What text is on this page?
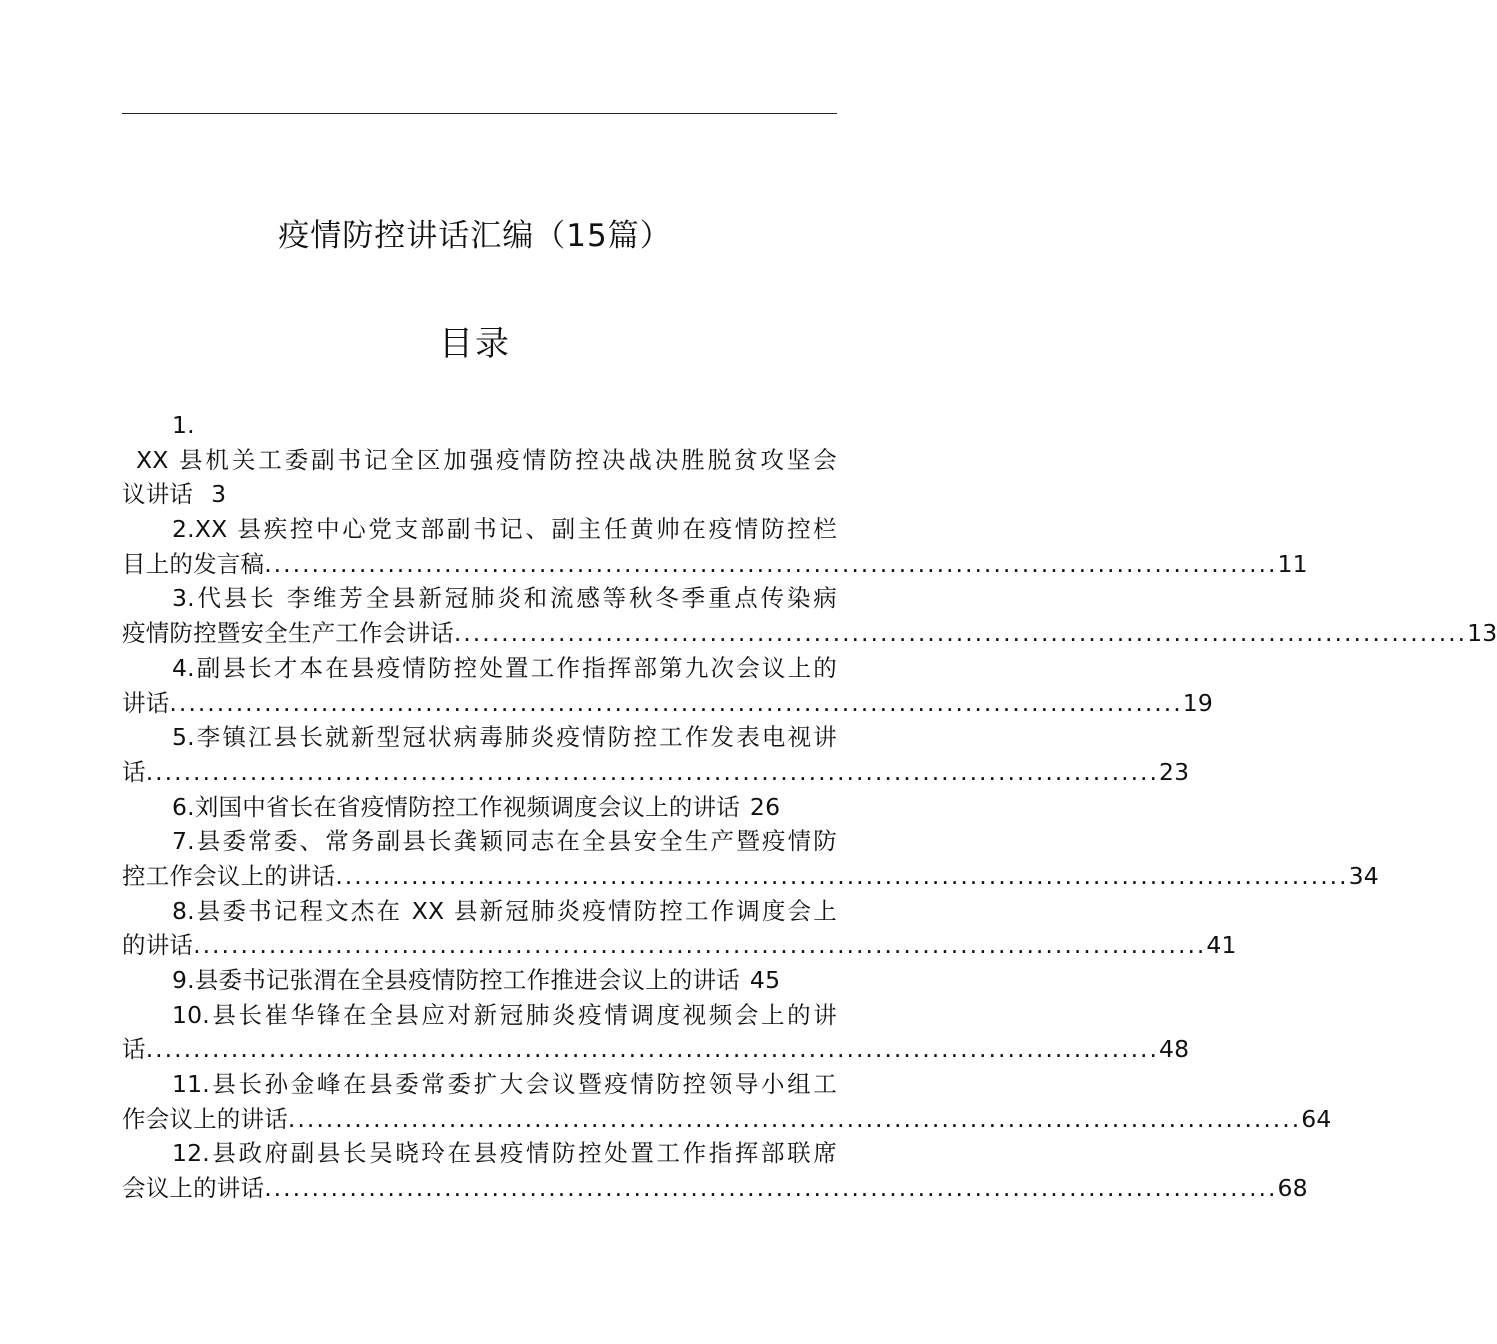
疫情防控讲话汇编（15篇）
目录
1.
XX 县机关工委副书记全区加强疫情防控决战决胜脱贫攻坚会
议讲话 3
2.XX 县疾控中心党支部副书记、副主任黄帅在疫情防控栏
目上的发言稿 ........................................................................................................... 11
3.代县长 李维芳全县新冠肺炎和流感等秋冬季重点传染病
疫情防控暨安全生产工作会讲话 ........................................................................................................... 13
4.副县长才本在县疫情防控处置工作指挥部第九次会议上的
讲话 ........................................................................................................... 19
5.李镇江县长就新型冠状病毒肺炎疫情防控工作发表电视讲
话 ........................................................................................................... 23
6.刘国中省长在省疫情防控工作视频调度会议上的讲话 26
7.县委常委、常务副县长龚颖同志在全县安全生产暨疫情防
控工作会议上的讲话 ........................................................................................................... 34
8.县委书记程文杰在 XX 县新冠肺炎疫情防控工作调度会上
的讲话 ........................................................................................................... 41
9.县委书记张渭在全县疫情防控工作推进会议上的讲话 45
10.县长崔华锋在全县应对新冠肺炎疫情调度视频会上的讲
话 ........................................................................................................... 48
11.县长孙金峰在县委常委扩大会议暨疫情防控领导小组工
作会议上的讲话 ........................................................................................................... 64
12.县政府副县长吴晓玲在县疫情防控处置工作指挥部联席
会议上的讲话 ........................................................................................................... 68
